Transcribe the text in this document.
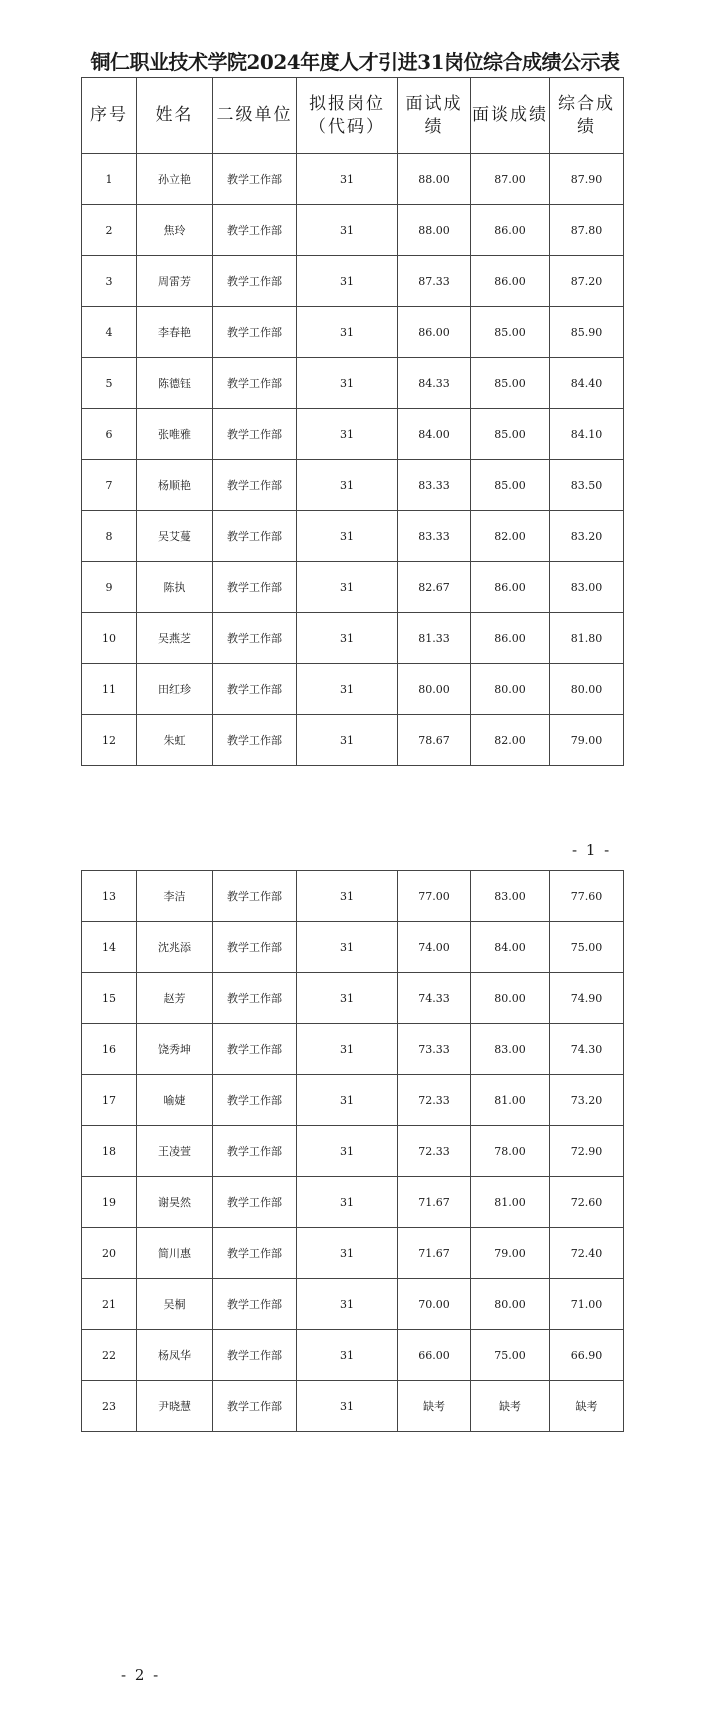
铜仁职业技术学院2024年度人才引进31岗位综合成绩公示表
序号	姓名	二级单位	拟报岗位（代码）	面试成绩	面谈成绩	综合成绩
1	孙立艳	教学工作部	31	88.00	87.00	87.90
2	焦玲	教学工作部	31	88.00	86.00	87.80
3	周雷芳	教学工作部	31	87.33	86.00	87.20
4	李春艳	教学工作部	31	86.00	85.00	85.90
5	陈德钰	教学工作部	31	84.33	85.00	84.40
6	张唯雅	教学工作部	31	84.00	85.00	84.10
7	杨顺艳	教学工作部	31	83.33	85.00	83.50
8	吴艾蔓	教学工作部	31	83.33	82.00	83.20
9	陈执	教学工作部	31	82.67	86.00	83.00
10	吴燕芝	教学工作部	31	81.33	86.00	81.80
11	田红珍	教学工作部	31	80.00	80.00	80.00
12	朱虹	教学工作部	31	78.67	82.00	79.00
- 1 -
13	李洁	教学工作部	31	77.00	83.00	77.60
14	沈兆添	教学工作部	31	74.00	84.00	75.00
15	赵芳	教学工作部	31	74.33	80.00	74.90
16	饶秀坤	教学工作部	31	73.33	83.00	74.30
17	喻婕	教学工作部	31	72.33	81.00	73.20
18	王凌萱	教学工作部	31	72.33	78.00	72.90
19	谢昊然	教学工作部	31	71.67	81.00	72.60
20	简川惠	教学工作部	31	71.67	79.00	72.40
21	吴桐	教学工作部	31	70.00	80.00	71.00
22	杨凤华	教学工作部	31	66.00	75.00	66.90
23	尹晓慧	教学工作部	31	缺考	缺考	缺考
- 2 -
